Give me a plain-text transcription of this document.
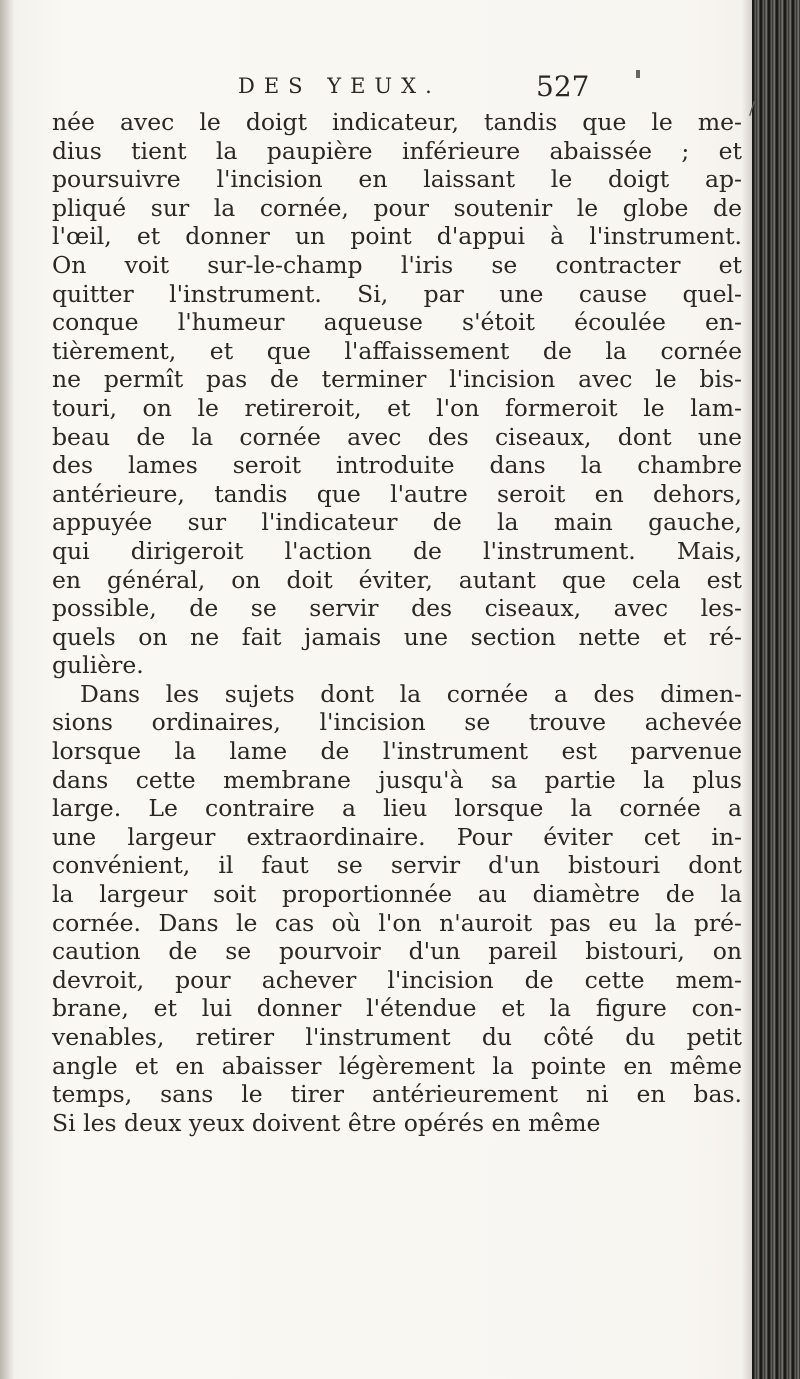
DES YEUX.	527
/
née avec le doigt indicateur, tandis que le me-
dius tient la paupière inférieure abaissée ; et
poursuivre l'incision en laissant le doigt ap-
pliqué sur la cornée, pour soutenir le globe de
l'œil, et donner un point d'appui à l'instrument.
On voit sur-le-champ l'iris se contracter et
quitter l'instrument. Si, par une cause quel-
conque l'humeur aqueuse s'étoit écoulée en-
tièrement, et que l'affaissement de la cornée
ne permît pas de terminer l'incision avec le bis-
touri, on le retireroit, et l'on formeroit le lam-
beau de la cornée avec des ciseaux, dont une
des lames seroit introduite dans la chambre
antérieure, tandis que l'autre seroit en dehors,
appuyée sur l'indicateur de la main gauche,
qui dirigeroit l'action de l'instrument. Mais,
en général, on doit éviter, autant que cela est
possible, de se servir des ciseaux, avec les-
quels on ne fait jamais une section nette et ré-
gulière.
Dans les sujets dont la cornée a des dimen-
sions ordinaires, l'incision se trouve achevée
lorsque la lame de l'instrument est parvenue
dans cette membrane jusqu'à sa partie la plus
large. Le contraire a lieu lorsque la cornée a
une largeur extraordinaire. Pour éviter cet in-
convénient, il faut se servir d'un bistouri dont
la largeur soit proportionnée au diamètre de la
cornée. Dans le cas où l'on n'auroit pas eu la pré-
caution de se pourvoir d'un pareil bistouri, on
devroit, pour achever l'incision de cette mem-
brane, et lui donner l'étendue et la figure con-
venables, retirer l'instrument du côté du petit
angle et en abaisser légèrement la pointe en même
temps, sans le tirer antérieurement ni en bas.
Si les deux yeux doivent être opérés en même
